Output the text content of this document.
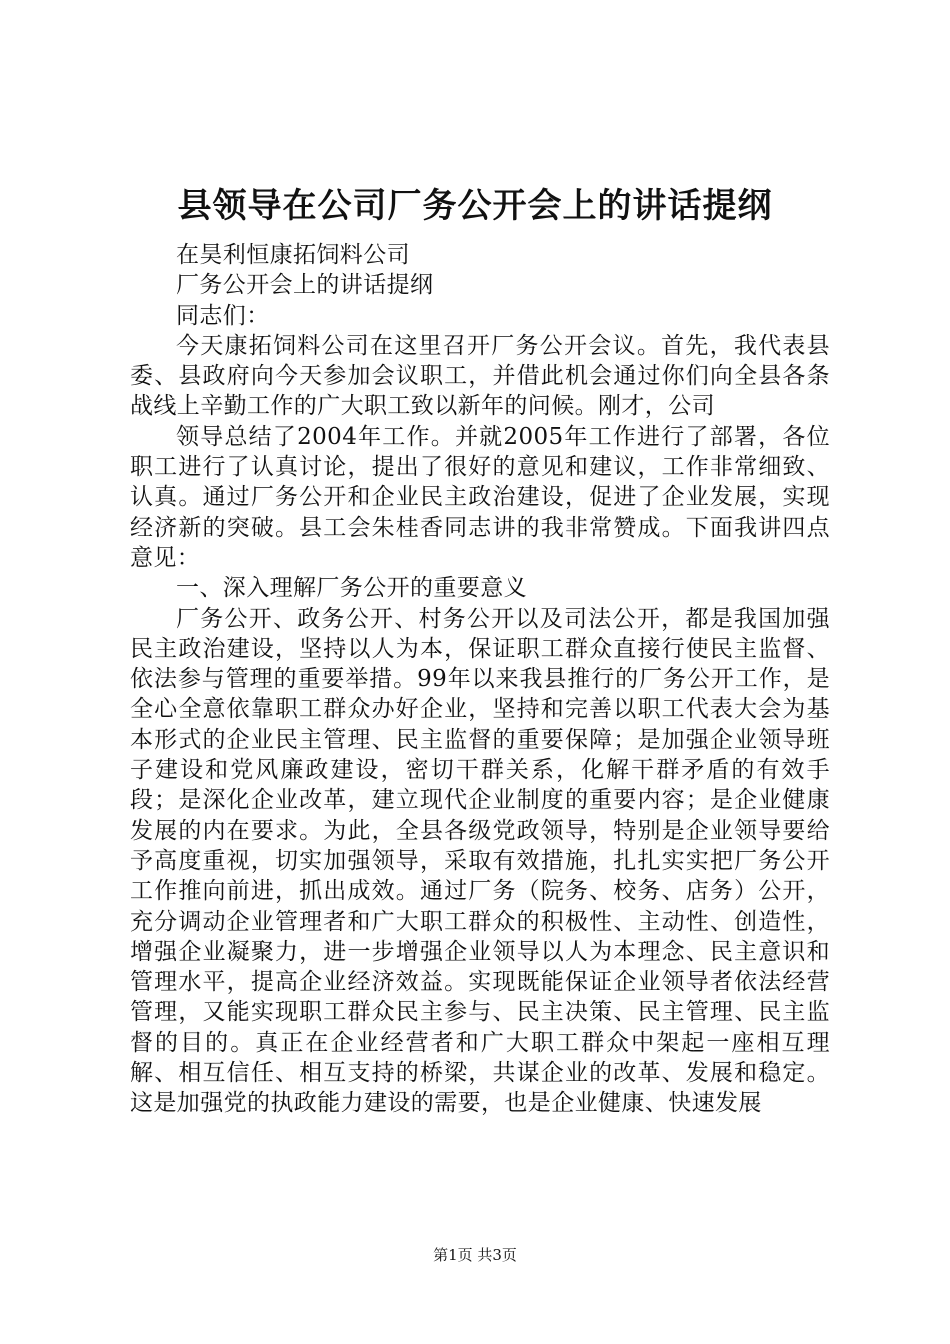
县领导在公司厂务公开会上的讲话提纲

在昊利恒康拓饲料公司

厂务公开会上的讲话提纲

同志们：

今天康拓饲料公司在这里召开厂务公开会议。首先，我代表县委、县政府向今天参加会议职工，并借此机会通过你们向全县各条战线上辛勤工作的广大职工致以新年的问候。刚才，公司

领导总结了2004年工作。并就2005年工作进行了部署，各位职工进行了认真讨论，提出了很好的意见和建议，工作非常细致、认真。通过厂务公开和企业民主政治建设，促进了企业发展，实现经济新的突破。县工会朱桂香同志讲的我非常赞成。下面我讲四点意见：

一、深入理解厂务公开的重要意义

厂务公开、政务公开、村务公开以及司法公开，都是我国加强民主政治建设，坚持以人为本，保证职工群众直接行使民主监督、依法参与管理的重要举措。99年以来我县推行的厂务公开工作，是全心全意依靠职工群众办好企业，坚持和完善以职工代表大会为基本形式的企业民主管理、民主监督的重要保障；是加强企业领导班子建设和党风廉政建设，密切干群关系，化解干群矛盾的有效手段；是深化企业改革，建立现代企业制度的重要内容；是企业健康发展的内在要求。为此，全县各级党政领导，特别是企业领导要给予高度重视，切实加强领导，采取有效措施，扎扎实实把厂务公开工作推向前进，抓出成效。通过厂务（院务、校务、店务）公开，充分调动企业管理者和广大职工群众的积极性、主动性、创造性，增强企业凝聚力，进一步增强企业领导以人为本理念、民主意识和管理水平，提高企业经济效益。实现既能保证企业领导者依法经营管理，又能实现职工群众民主参与、民主决策、民主管理、民主监督的目的。真正在企业经营者和广大职工群众中架起一座相互理解、相互信任、相互支持的桥梁，共谋企业的改革、发展和稳定。这是加强党的执政能力建设的需要，也是企业健康、快速发展

第1页 共3页
